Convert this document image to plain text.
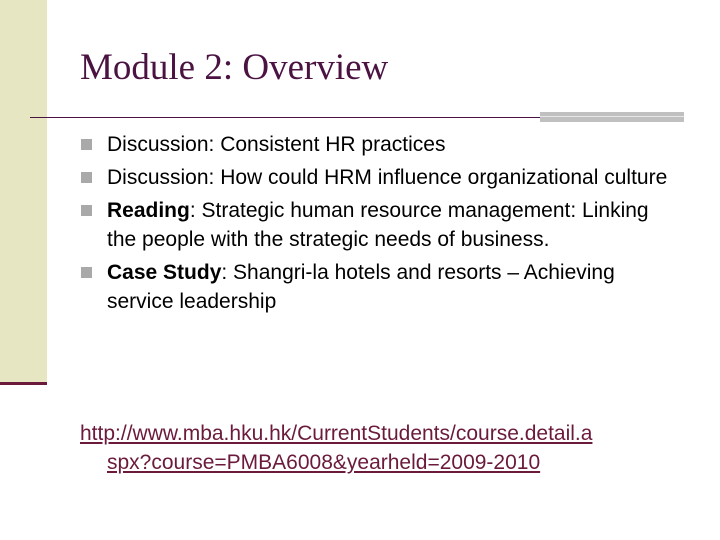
Module 2: Overview
Discussion: Consistent HR practices
Discussion: How could HRM influence organizational culture
Reading: Strategic human resource management: Linking the people with the strategic needs of business.
Case Study: Shangri-la hotels and resorts – Achieving service leadership

http://www.mba.hku.hk/CurrentStudents/course.detail.a
spx?course=PMBA6008&yearheld=2009-2010
